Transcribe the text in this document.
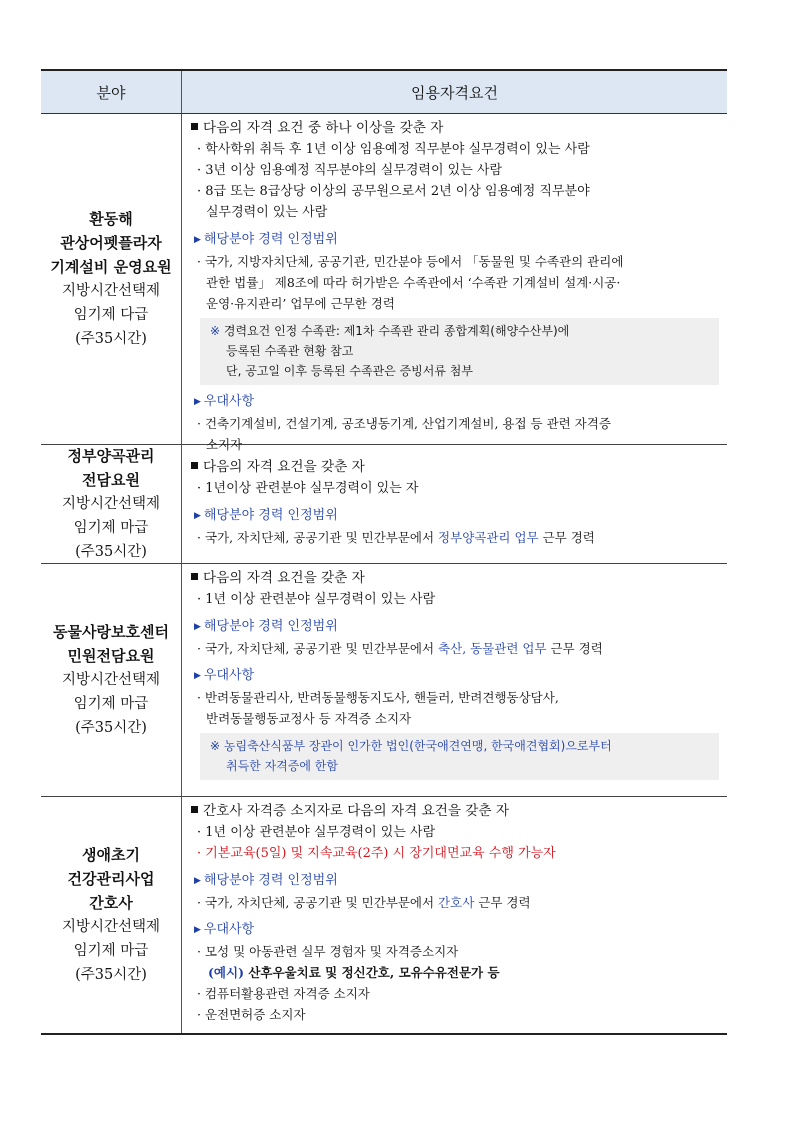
분야	임용자격요건
환동해
관상어펫플라자
기계설비 운영요원
지방시간선택제
임기제 다급
(주35시간)
다음의 자격 요건 중 하나 이상을 갖춘 자
· 학사학위 취득 후 1년 이상 임용예정 직무분야 실무경력이 있는 사람
· 3년 이상 임용예정 직무분야의 실무경력이 있는 사람
· 8급 또는 8급상당 이상의 공무원으로서 2년 이상 임용예정 직무분야
실무경력이 있는 사람
▶ 해당분야 경력 인정범위
· 국가, 지방자치단체, 공공기관, 민간분야 등에서 「동물원 및 수족관의 관리에
관한 법률」 제8조에 따라 허가받은 수족관에서 ‘수족관 기계설비 설계·시공·
운영·유지관리’ 업무에 근무한 경력
※ 경력요건 인정 수족관: 제1차 수족관 관리 종합계획(해양수산부)에
등록된 수족관 현황 참고
단, 공고일 이후 등록된 수족관은 증빙서류 첨부
▶ 우대사항
· 건축기계설비, 건설기계, 공조냉동기계, 산업기계설비, 용접 등 관련 자격증
소지자
정부양곡관리
전담요원
지방시간선택제
임기제 마급
(주35시간)
다음의 자격 요건을 갖춘 자
· 1년이상 관련분야 실무경력이 있는 자
▶ 해당분야 경력 인정범위
· 국가, 자치단체, 공공기관 및 민간부문에서 정부양곡관리 업무 근무 경력
동물사랑보호센터
민원전담요원
지방시간선택제
임기제 마급
(주35시간)
다음의 자격 요건을 갖춘 자
· 1년 이상 관련분야 실무경력이 있는 사람
▶ 해당분야 경력 인정범위
· 국가, 자치단체, 공공기관 및 민간부문에서 축산, 동물관련 업무 근무 경력
▶ 우대사항
· 반려동물관리사, 반려동물행동지도사, 핸들러, 반려견행동상담사,
반려동물행동교정사 등 자격증 소지자
※ 농림축산식품부 장관이 인가한 법인(한국애견연맹, 한국애견협회)으로부터
취득한 자격증에 한함
생애초기
건강관리사업
간호사
지방시간선택제
임기제 마급
(주35시간)
간호사 자격증 소지자로 다음의 자격 요건을 갖춘 자
· 1년 이상 관련분야 실무경력이 있는 사람
· 기본교육(5일) 및 지속교육(2주) 시 장기대면교육 수행 가능자
▶ 해당분야 경력 인정범위
· 국가, 자치단체, 공공기관 및 민간부문에서 간호사 근무 경력
▶ 우대사항
· 모성 및 아동관련 실무 경험자 및 자격증소지자
(예시) 산후우울치료 및 정신간호, 모유수유전문가 등
· 컴퓨터활용관련 자격증 소지자
· 운전면허증 소지자
